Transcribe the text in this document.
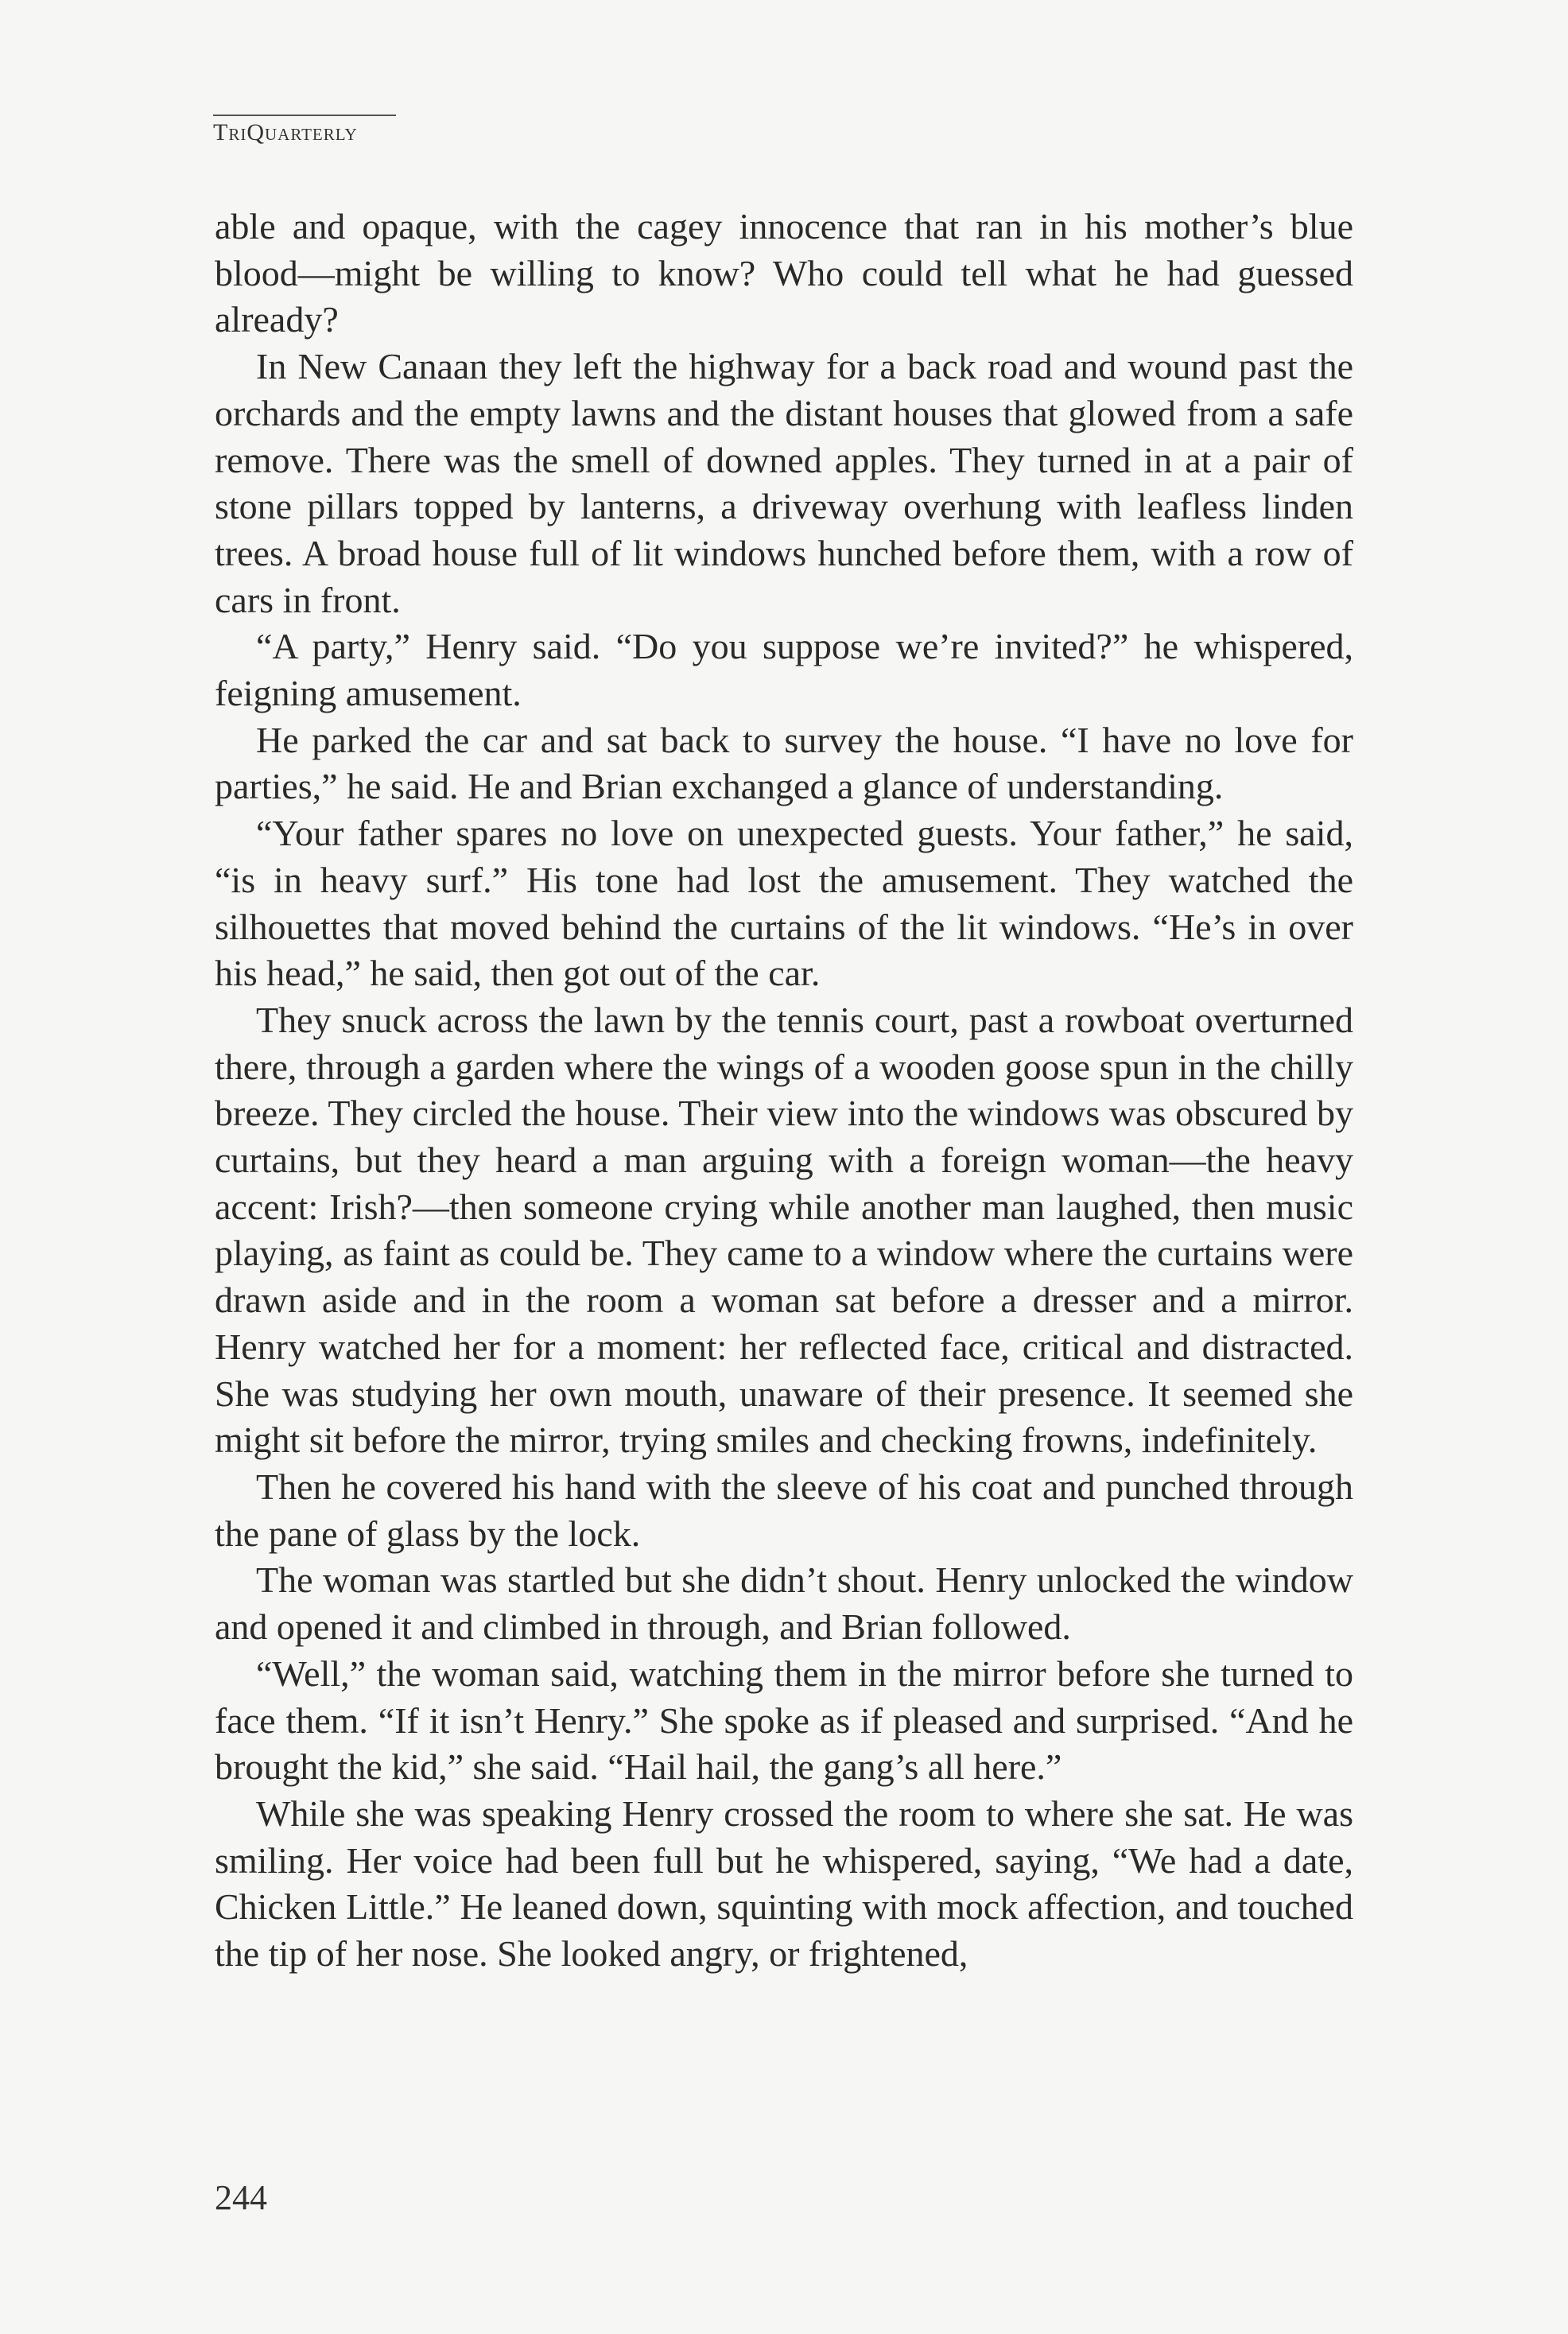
TriQuarterly

able and opaque, with the cagey innocence that ran in his mother’s blue blood—might be willing to know? Who could tell what he had guessed already?

In New Canaan they left the highway for a back road and wound past the orchards and the empty lawns and the distant houses that glowed from a safe remove. There was the smell of downed apples. They turned in at a pair of stone pillars topped by lanterns, a driveway overhung with leafless linden trees. A broad house full of lit windows hunched before them, with a row of cars in front.

“A party,” Henry said. “Do you suppose we’re invited?” he whispered, feigning amusement.

He parked the car and sat back to survey the house. “I have no love for parties,” he said. He and Brian exchanged a glance of understanding.

“Your father spares no love on unexpected guests. Your father,” he said, “is in heavy surf.” His tone had lost the amusement. They watched the silhouettes that moved behind the curtains of the lit windows. “He’s in over his head,” he said, then got out of the car.

They snuck across the lawn by the tennis court, past a rowboat overturned there, through a garden where the wings of a wooden goose spun in the chilly breeze. They circled the house. Their view into the windows was obscured by curtains, but they heard a man arguing with a foreign woman—the heavy accent: Irish?—then someone crying while another man laughed, then music playing, as faint as could be. They came to a window where the curtains were drawn aside and in the room a woman sat before a dresser and a mirror. Henry watched her for a moment: her reflected face, critical and distracted. She was studying her own mouth, unaware of their presence. It seemed she might sit before the mirror, trying smiles and checking frowns, indefinitely.

Then he covered his hand with the sleeve of his coat and punched through the pane of glass by the lock.

The woman was startled but she didn’t shout. Henry unlocked the window and opened it and climbed in through, and Brian followed.

“Well,” the woman said, watching them in the mirror before she turned to face them. “If it isn’t Henry.” She spoke as if pleased and surprised. “And he brought the kid,” she said. “Hail hail, the gang’s all here.”

While she was speaking Henry crossed the room to where she sat. He was smiling. Her voice had been full but he whispered, saying, “We had a date, Chicken Little.” He leaned down, squinting with mock affection, and touched the tip of her nose. She looked angry, or frightened,

244
